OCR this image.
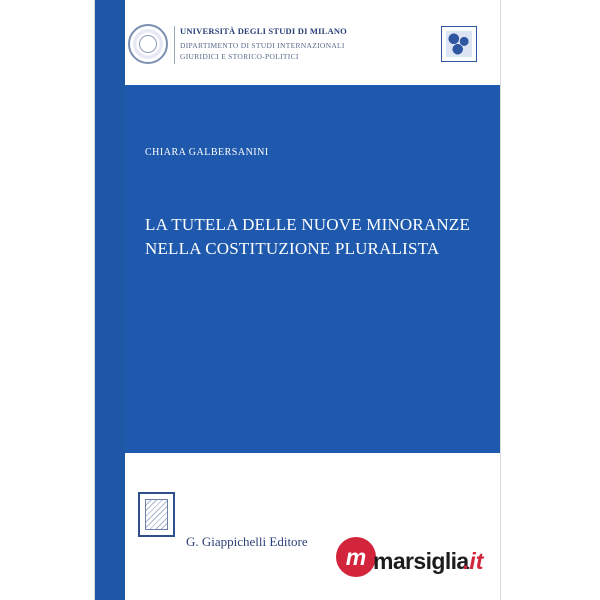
UNIVERSITÀ DEGLI STUDI DI MILANO
DIPARTIMENTO DI STUDI INTERNAZIONALI
GIURIDICI E STORICO-POLITICI
CHIARA GALBERSANINI
LA TUTELA DELLE NUOVE MINORANZE
NELLA COSTITUZIONE PLURALISTA
G. Giappichelli Editore
m marsiglia
.it
